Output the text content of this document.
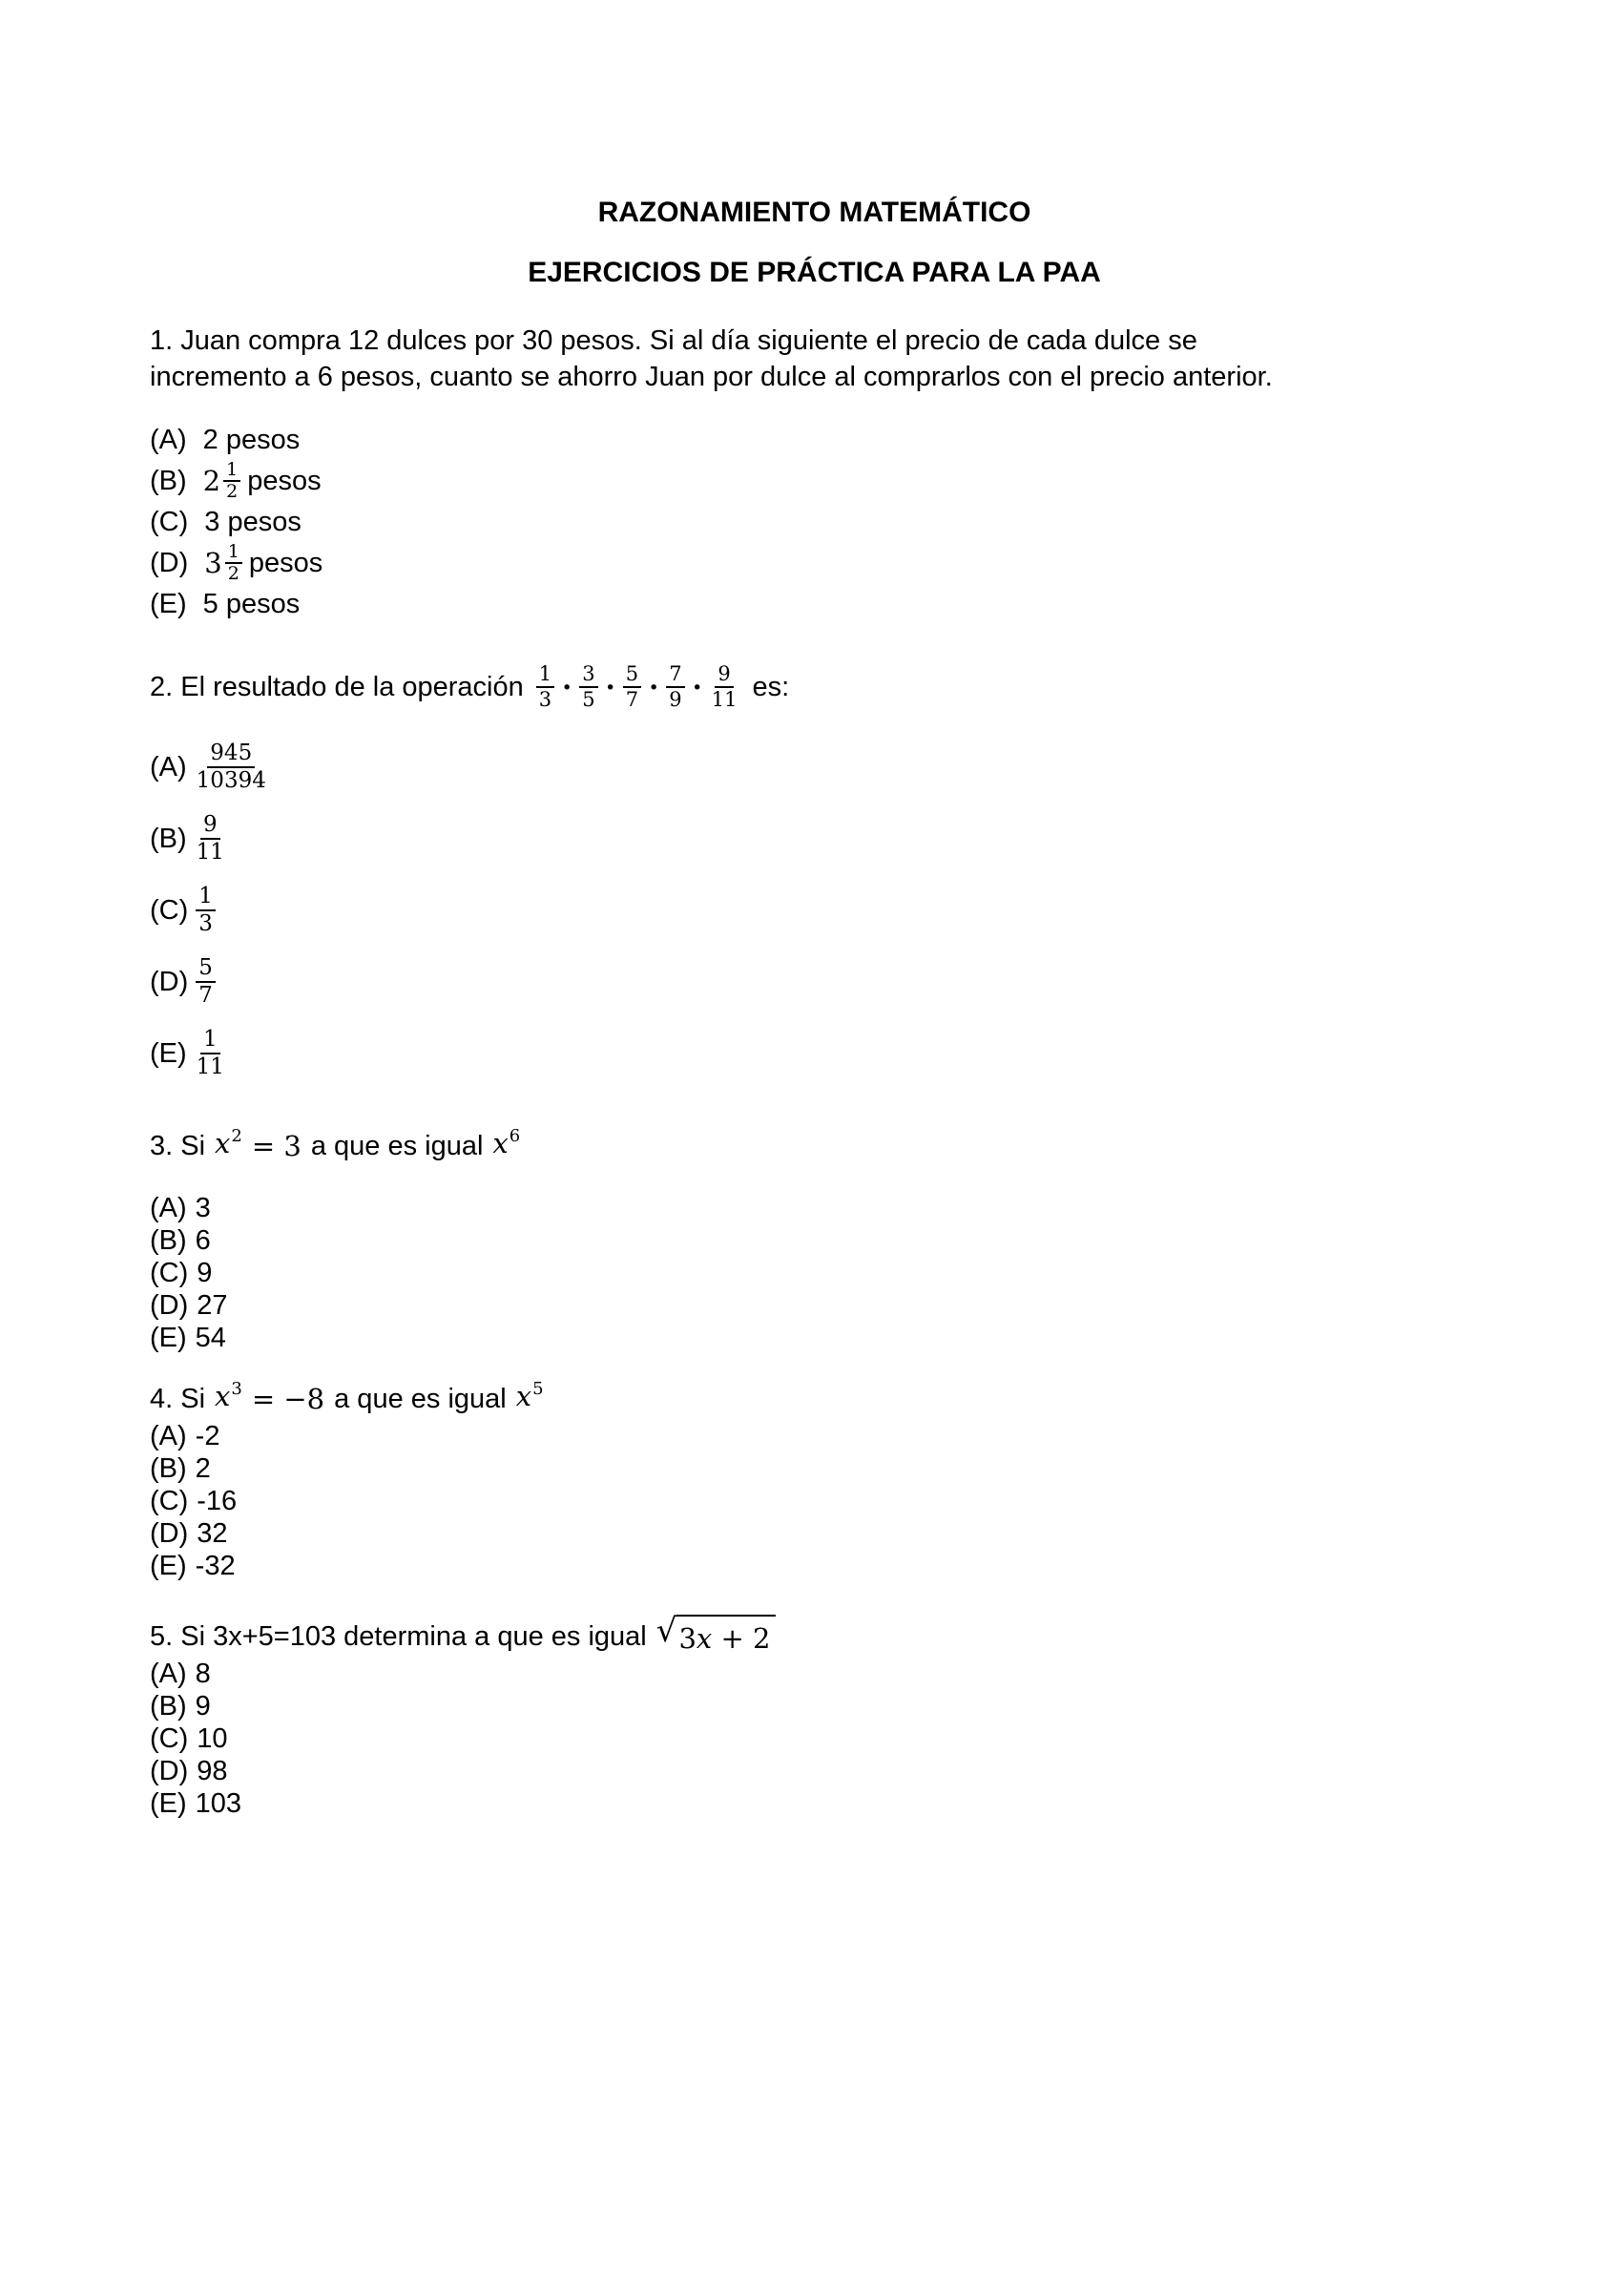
RAZONAMIENTO MATEMÁTICO
EJERCICIOS DE PRÁCTICA PARA LA PAA
1. Juan compra 12 dulces por 30 pesos. Si al día siguiente el precio de cada dulce se
incremento a 6 pesos, cuanto se ahorro Juan por dulce al comprarlos con el precio anterior.
(A) 2 pesos
(B) $2 \frac{1}{2}$ pesos
(C) 3 pesos
(D) $3 \frac{1}{2}$ pesos
(E) 5 pesos
2. El resultado de la operación $\frac{1}{3} \cdot \frac{3}{5} \cdot \frac{5}{7} \cdot \frac{7}{9} \cdot \frac{9}{11}$ es:
$(A) \frac{945}{10394}$
$(B) \frac{9}{11}$
$(C) \frac{1}{3}$
$(D) \frac{5}{7}$
$(E) \frac{1}{11}$
3. Si $x^2 = 3$ a que es igual $x^6$
(A) 3
(B) 6
(C) 9
(D) 27
(E) 54
4. Si $x^3 = -8$ a que es igual $x^5$
(A) -2
(B) 2
(C) -16
(D) 32
(E) -32
5. Si 3x+5=103 determina a que es igual √ 3 x + 2
(A) 8
(B) 9
(C) 10
(D) 98
(E) 103
